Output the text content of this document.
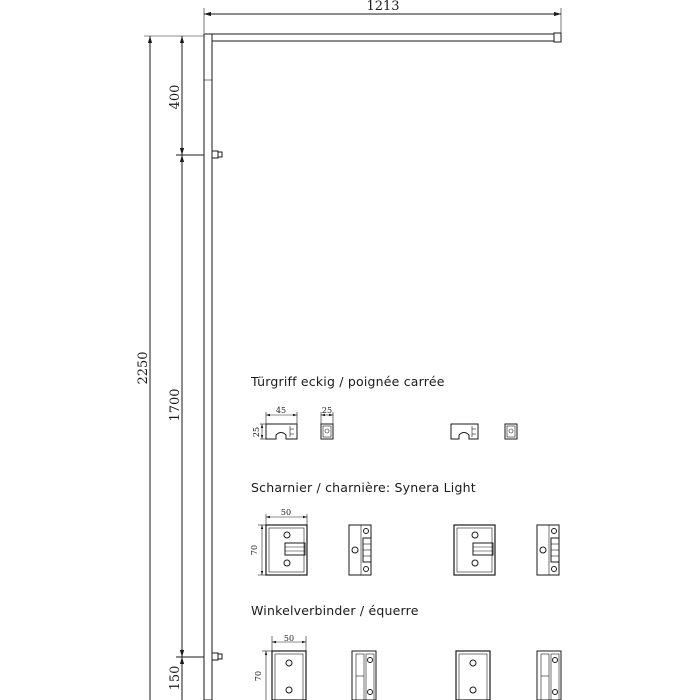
1213
2250
400
1700
150
Türgriff eckig / poignée carrée
45
25
25
Scharnier / charnière: Synera Light
50
70
Winkelverbinder / équerre
50
70
